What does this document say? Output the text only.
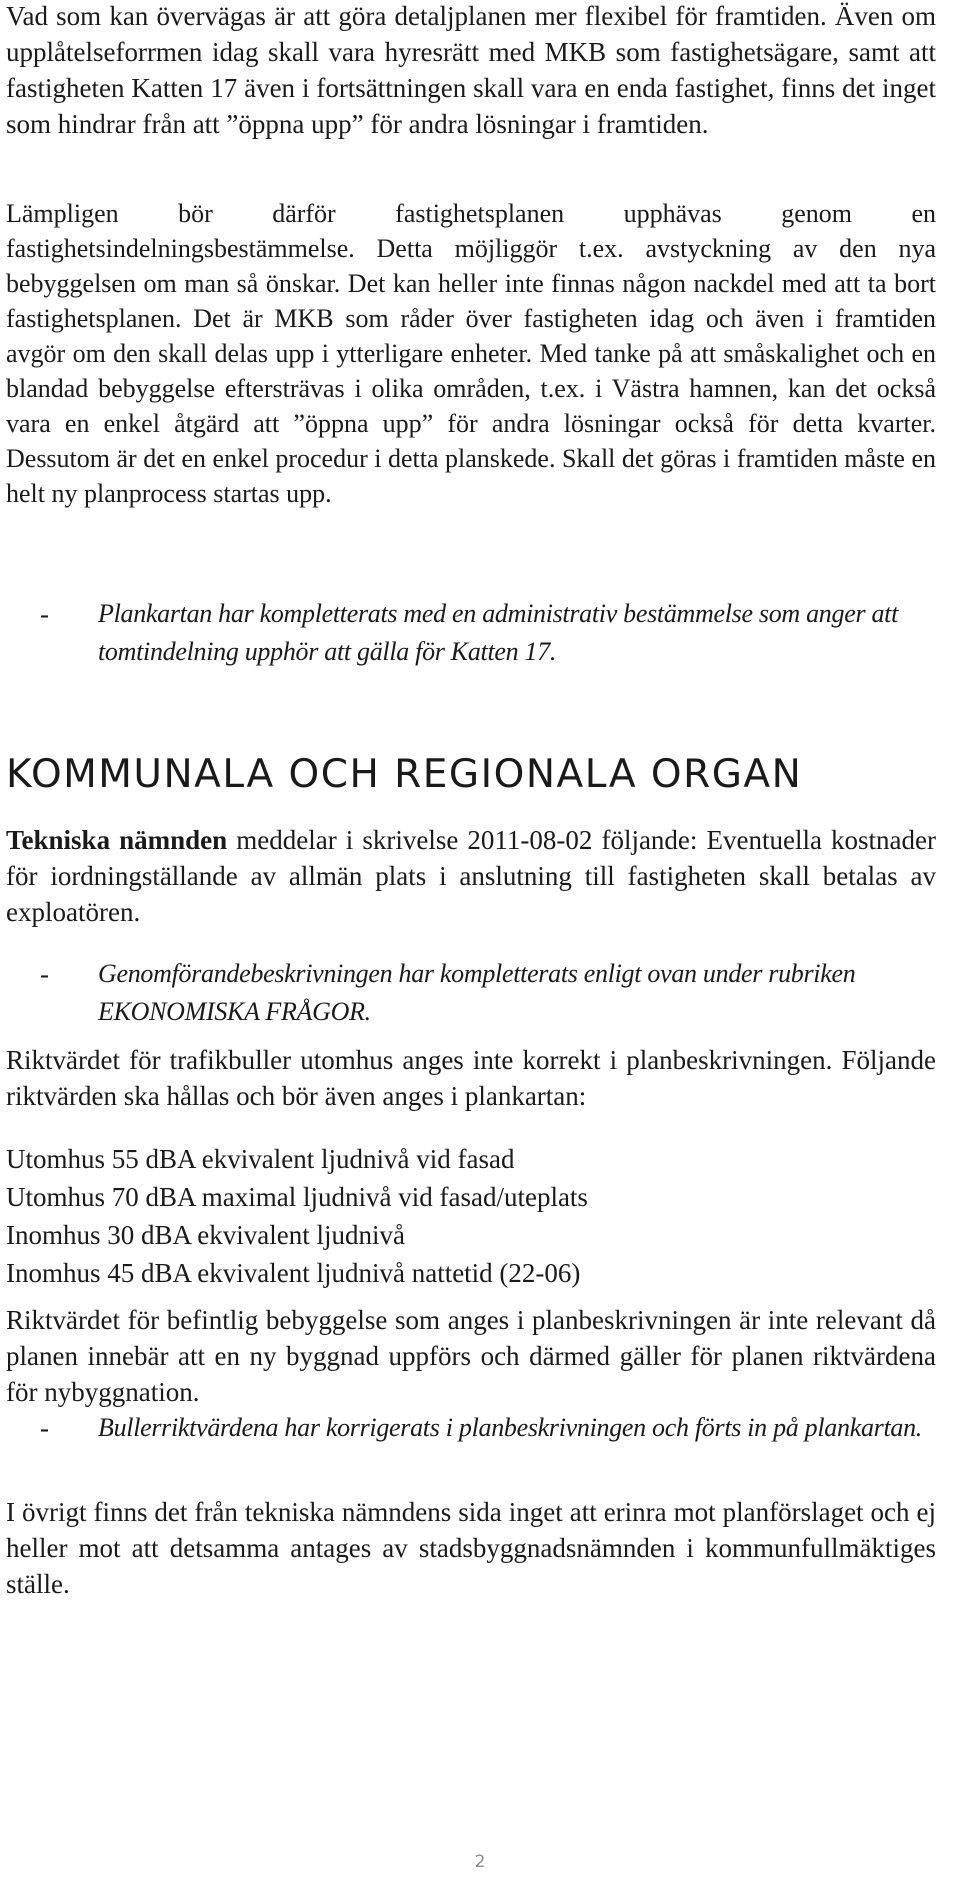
Vad som kan övervägas är att göra detaljplanen mer flexibel för framtiden. Även om upplåtelseforrmen idag skall vara hyresrätt med MKB som fastighetsägare, samt att fastigheten Katten 17 även i fortsättningen skall vara en enda fastighet, finns det inget som hindrar från att ”öppna upp” för andra lösningar i framtiden.

Lämpligen bör därför fastighetsplanen upphävas genom en fastighetsindelningsbestämmelse. Detta möjliggör t.ex. avstyckning av den nya bebyggelsen om man så önskar. Det kan heller inte finnas någon nackdel med att ta bort fastighetsplanen. Det är MKB som råder över fastigheten idag och även i framtiden avgör om den skall delas upp i ytterligare enheter. Med tanke på att småskalighet och en blandad bebyggelse eftersträvas i olika områden, t.ex. i Västra hamnen, kan det också vara en enkel åtgärd att ”öppna upp” för andra lösningar också för detta kvarter. Dessutom är det en enkel procedur i detta planskede. Skall det göras i framtiden måste en helt ny planprocess startas upp.

-	Plankartan har kompletterats med en administrativ bestämmelse som anger att tomtindelning upphör att gälla för Katten 17.
KOMMUNALA OCH REGIONALA ORGAN

Tekniska nämnden meddelar i skrivelse 2011-08-02 följande: Eventuella kostnader för iordningställande av allmän plats i anslutning till fastigheten skall betalas av exploatören.

-	Genomförandebeskrivningen har kompletterats enligt ovan under rubriken EKONOMISKA FRÅGOR.

Riktvärdet för trafikbuller utomhus anges inte korrekt i planbeskrivningen. Följande riktvärden ska hållas och bör även anges i plankartan:

Utomhus 55 dBA ekvivalent ljudnivå vid fasad
Utomhus 70 dBA maximal ljudnivå vid fasad/uteplats
Inomhus 30 dBA ekvivalent ljudnivå
Inomhus 45 dBA ekvivalent ljudnivå nattetid (22-06)

Riktvärdet för befintlig bebyggelse som anges i planbeskrivningen är inte relevant då planen innebär att en ny byggnad uppförs och därmed gäller för planen riktvärdena för nybyggnation.

-	Bullerriktvärdena har korrigerats i planbeskrivningen och förts in på plankartan.

I övrigt finns det från tekniska nämndens sida inget att erinra mot planförslaget och ej heller mot att detsamma antages av stadsbyggnadsnämnden i kommunfullmäktiges ställe.

2
